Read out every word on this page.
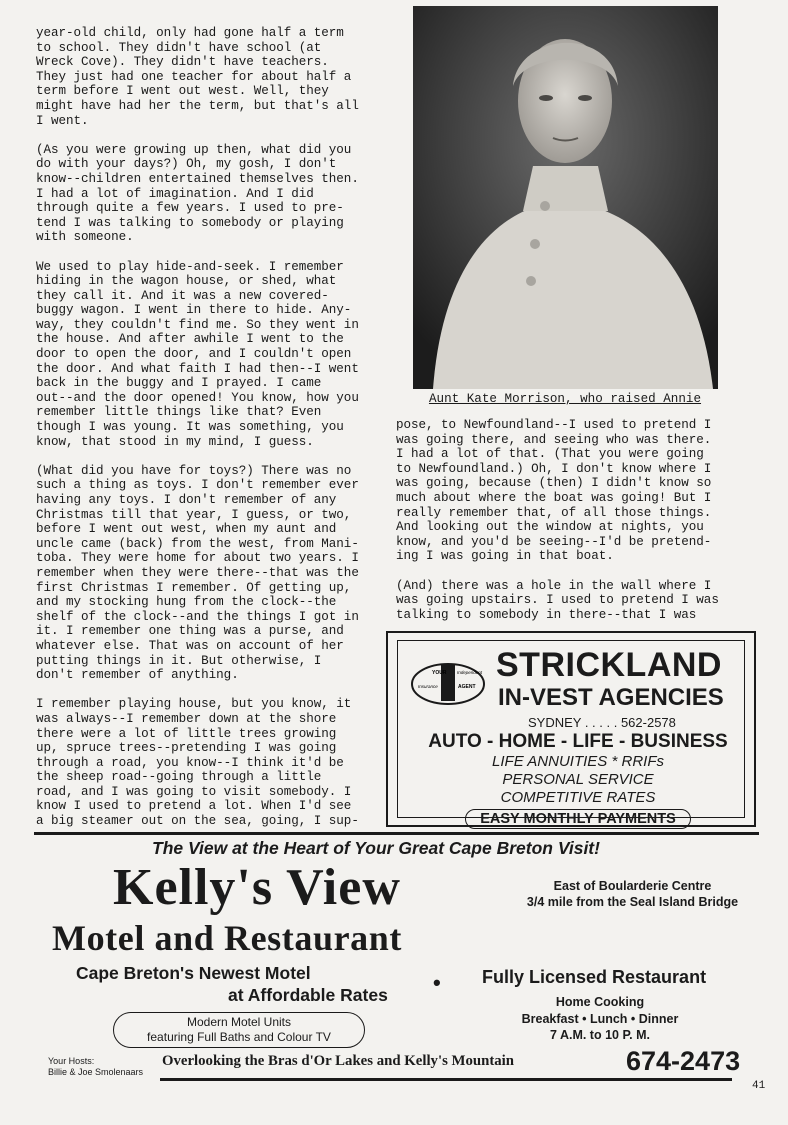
year-old child, only had gone half a term
to school. They didn't have school (at
Wreck Cove). They didn't have teachers.
They just had one teacher for about half a
term before I went out west. Well, they
might have had her the term, but that's all
I went.

(As you were growing up then, what did you
do with your days?) Oh, my gosh, I don't
know--children entertained themselves then.
I had a lot of imagination. And I did
through quite a few years. I used to pre-
tend I was talking to somebody or playing
with someone.

We used to play hide-and-seek. I remember
hiding in the wagon house, or shed, what
they call it. And it was a new covered-
buggy wagon. I went in there to hide. Any-
way, they couldn't find me. So they went in
the house. And after awhile I went to the
door to open the door, and I couldn't open
the door. And what faith I had then--I went
back in the buggy and I prayed. I came
out--and the door opened! You know, how you
remember little things like that? Even
though I was young. It was something, you
know, that stood in my mind, I guess.

(What did you have for toys?) There was no
such a thing as toys. I don't remember ever
having any toys. I don't remember of any
Christmas till that year, I guess, or two,
before I went out west, when my aunt and
uncle came (back) from the west, from Mani-
toba. They were home for about two years. I
remember when they were there--that was the
first Christmas I remember. Of getting up,
and my stocking hung from the clock--the
shelf of the clock--and the things I got in
it. I remember one thing was a purse, and
whatever else. That was on account of her
putting things in it. But otherwise, I
don't remember of anything.

I remember playing house, but you know, it
was always--I remember down at the shore
there were a lot of little trees growing
up, spruce trees--pretending I was going
through a road, you know--I think it'd be
the sheep road--going through a little
road, and I was going to visit somebody. I
know I used to pretend a lot. When I'd see
a big steamer out on the sea, going, I sup-

Aunt Kate Morrison, who raised Annie

pose, to Newfoundland--I used to pretend I
was going there, and seeing who was there.
I had a lot of that. (That you were going
to Newfoundland.) Oh, I don't know where I
was going, because (then) I didn't know so
much about where the boat was going! But I
really remember that, of all those things.
And looking out the window at nights, you
know, and you'd be seeing--I'd be pretend-
ing I was going in that boat.

(And) there was a hole in the wall where I
was going upstairs. I used to pretend I was
talking to somebody in there--that I was

YOUR Independent
Insurance	AGENT
STRICKLAND
IN-VEST AGENCIES
SYDNEY . . . . . 562-2578
AUTO - HOME - LIFE - BUSINESS
LIFE ANNUITIES * RRIFs
PERSONAL SERVICE
COMPETITIVE RATES
EASY MONTHLY PAYMENTS
The View at the Heart of Your Great Cape Breton Visit!
Kelly's View
Motel and Restaurant
East of Boularderie Centre
3/4 mile from the Seal Island Bridge
Cape Breton's Newest Motel
at Affordable Rates • Fully Licensed Restaurant
Home Cooking
Breakfast • Lunch • Dinner
7 A.M. to 10 P. M.
Modern Motel Units
featuring Full Baths and Colour TV
Your Hosts:
Billie & Joe Smolenaars
Overlooking the Bras d'Or Lakes and Kelly's Mountain	674-2473
41
